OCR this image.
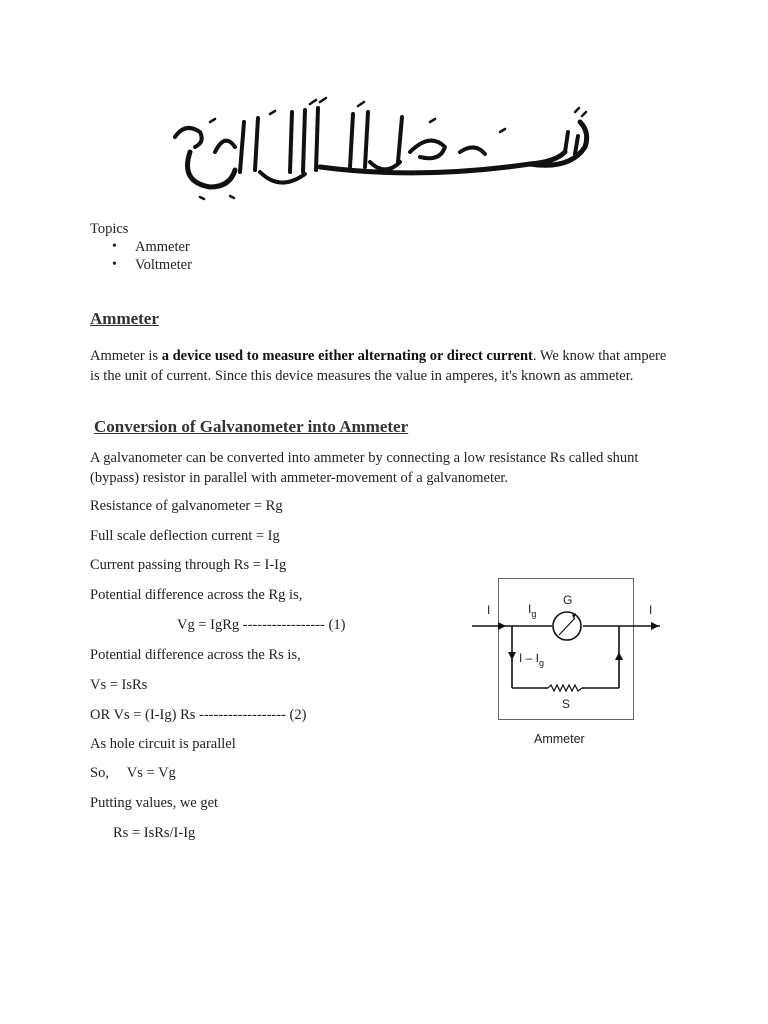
Topics
• Ammeter
• Voltmeter
Ammeter
Ammeter is a device used to measure either alternating or direct current. We know that ampere is the unit of current. Since this device measures the value in amperes, it's known as ammeter.
Conversion of Galvanometer into Ammeter
A galvanometer can be converted into ammeter by connecting a low resistance Rs called shunt (bypass) resistor in parallel with ammeter-movement of a galvanometer.
Resistance of galvanometer = Rg
Full scale deflection current = Ig
Current passing through Rs = I-Ig
Potential difference across the Rg is,
Vg = IgRg ----------------- (1)
Potential difference across the Rs is,
Vs = IsRs
OR Vs = (I-Ig) Rs ------------------ (2)
As hole circuit is parallel
So,     Vs = Vg
Putting values, we get
Rs = IsRs/I-Ig
I	$I_g$
G
I
I – $I_g$
S
Ammeter
